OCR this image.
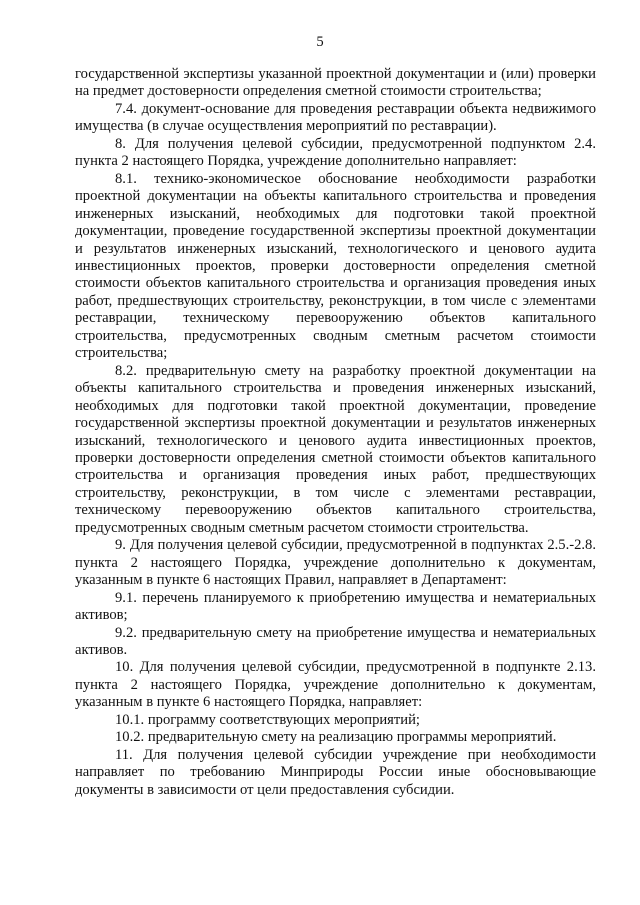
5

государственной экспертизы указанной проектной документации и (или) проверки на предмет достоверности определения сметной стоимости строительства;

7.4. документ-основание для проведения реставрации объекта недвижимого имущества (в случае осуществления мероприятий по реставрации).

8. Для получения целевой субсидии, предусмотренной подпунктом 2.4. пункта 2 настоящего Порядка, учреждение дополнительно направляет:

8.1. технико-экономическое обоснование необходимости разработки проектной документации на объекты капитального строительства и проведения инженерных изысканий, необходимых для подготовки такой проектной документации, проведение государственной экспертизы проектной документации и результатов инженерных изысканий, технологического и ценового аудита инвестиционных проектов, проверки достоверности определения сметной стоимости объектов капитального строительства и организация проведения иных работ, предшествующих строительству, реконструкции, в том числе с элементами реставрации, техническому перевооружению объектов капитального строительства, предусмотренных сводным сметным расчетом стоимости строительства;

8.2. предварительную смету на разработку проектной документации на объекты капитального строительства и проведения инженерных изысканий, необходимых для подготовки такой проектной документации, проведение государственной экспертизы проектной документации и результатов инженерных изысканий, технологического и ценового аудита инвестиционных проектов, проверки достоверности определения сметной стоимости объектов капитального строительства и организация проведения иных работ, предшествующих строительству, реконструкции, в том числе с элементами реставрации, техническому перевооружению объектов капитального строительства, предусмотренных сводным сметным расчетом стоимости строительства.

9. Для получения целевой субсидии, предусмотренной в подпунктах 2.5.-2.8. пункта 2 настоящего Порядка, учреждение дополнительно к документам, указанным в пункте 6 настоящих Правил, направляет в Департамент:

9.1. перечень планируемого к приобретению имущества и нематериальных активов;

9.2. предварительную смету на приобретение имущества и нематериальных активов.

10. Для получения целевой субсидии, предусмотренной в подпункте 2.13. пункта 2 настоящего Порядка, учреждение дополнительно к документам, указанным в пункте 6 настоящего Порядка, направляет:

10.1. программу соответствующих мероприятий;

10.2. предварительную смету на реализацию программы мероприятий.

11. Для получения целевой субсидии учреждение при необходимости направляет по требованию Минприроды России иные обосновывающие документы в зависимости от цели предоставления субсидии.
